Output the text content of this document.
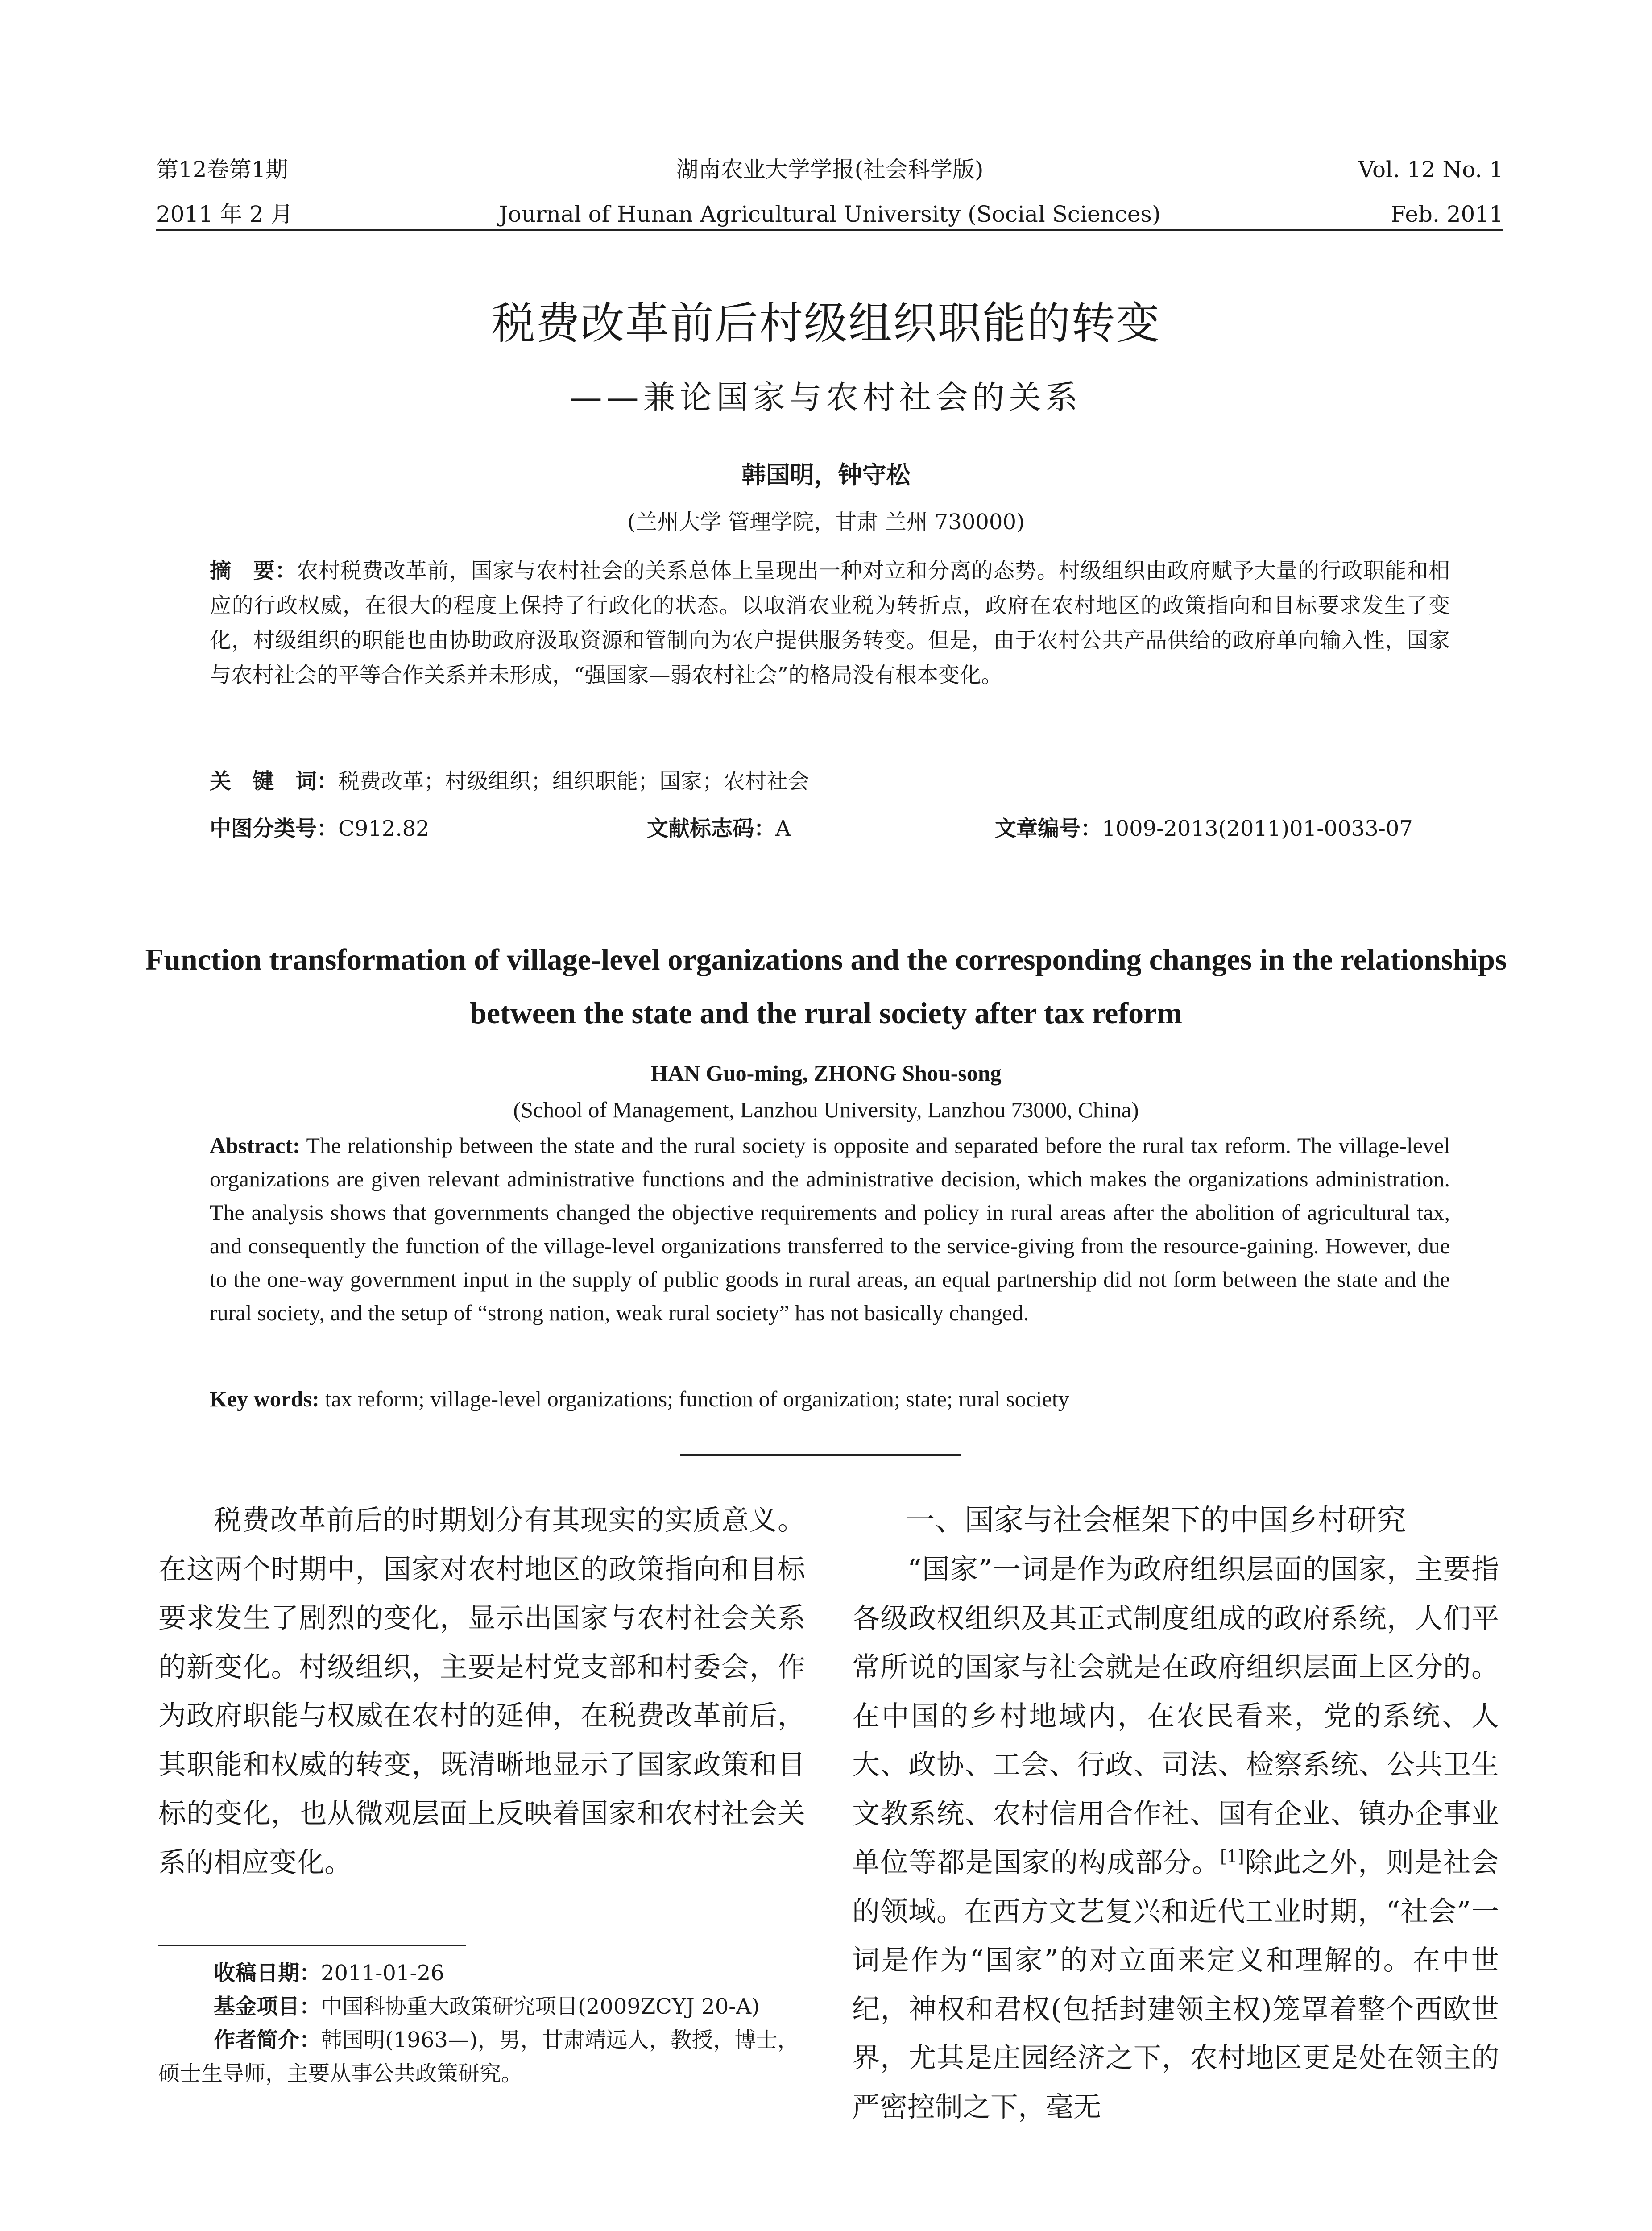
第12卷第1期	湖南农业大学学报(社会科学版)	Vol. 12 No. 1
2011 年 2 月	Journal of Hunan Agricultural University (Social Sciences)	Feb. 2011
税费改革前后村级组织职能的转变
——兼论国家与农村社会的关系
韩国明，钟守松
(兰州大学 管理学院，甘肃 兰州 730000)
摘　要：农村税费改革前，国家与农村社会的关系总体上呈现出一种对立和分离的态势。村级组织由政府赋予大量的行政职能和相应的行政权威，在很大的程度上保持了行政化的状态。以取消农业税为转折点，政府在农村地区的政策指向和目标要求发生了变化，村级组织的职能也由协助政府汲取资源和管制向为农户提供服务转变。但是，由于农村公共产品供给的政府单向输入性，国家与农村社会的平等合作关系并未形成，“强国家—弱农村社会”的格局没有根本变化。
关　键　词：税费改革；村级组织；组织职能；国家；农村社会
中图分类号：C912.82	文献标志码：A	文章编号：1009-2013(2011)01-0033-07
Function transformation of village-level organizations and the corresponding changes in the relationships between the state and the rural society after tax reform
HAN Guo-ming, ZHONG Shou-song
(School of Management, Lanzhou University, Lanzhou 73000, China)
Abstract: The relationship between the state and the rural society is opposite and separated before the rural tax reform. The village-level organizations are given relevant administrative functions and the administrative decision, which makes the organizations administration. The analysis shows that governments changed the objective requirements and policy in rural areas after the abolition of agricultural tax, and consequently the function of the village-level organizations transferred to the service-giving from the resource-gaining. However, due to the one-way government input in the supply of public goods in rural areas, an equal partnership did not form between the state and the rural society, and the setup of “strong nation, weak rural society” has not basically changed.
Key words: tax reform; village-level organizations; function of organization; state; rural society

税费改革前后的时期划分有其现实的实质意义。在这两个时期中，国家对农村地区的政策指向和目标要求发生了剧烈的变化，显示出国家与农村社会关系的新变化。村级组织，主要是村党支部和村委会，作为政府职能与权威在农村的延伸，在税费改革前后，其职能和权威的转变，既清晰地显示了国家政策和目标的变化，也从微观层面上反映着国家和农村社会关系的相应变化。

一、国家与社会框架下的中国乡村研究

“国家”一词是作为政府组织层面的国家，主要指各级政权组织及其正式制度组成的政府系统，人们平常所说的国家与社会就是在政府组织层面上区分的。在中国的乡村地域内，在农民看来，党的系统、人大、政协、工会、行政、司法、检察系统、公共卫生文教系统、农村信用合作社、国有企业、镇办企事业单位等都是国家的构成部分。[1]除此之外，则是社会的领域。在西方文艺复兴和近代工业时期，“社会”一词是作为“国家”的对立面来定义和理解的。在中世纪，神权和君权(包括封建领主权)笼罩着整个西欧世界，尤其是庄园经济之下，农村地区更是处在领主的严密控制之下，毫无

收稿日期：2011-01-26
基金项目：中国科协重大政策研究项目(2009ZCYJ 20-A)
作者简介：韩国明(1963—)，男，甘肃靖远人，教授，博士，硕士生导师，主要从事公共政策研究。
